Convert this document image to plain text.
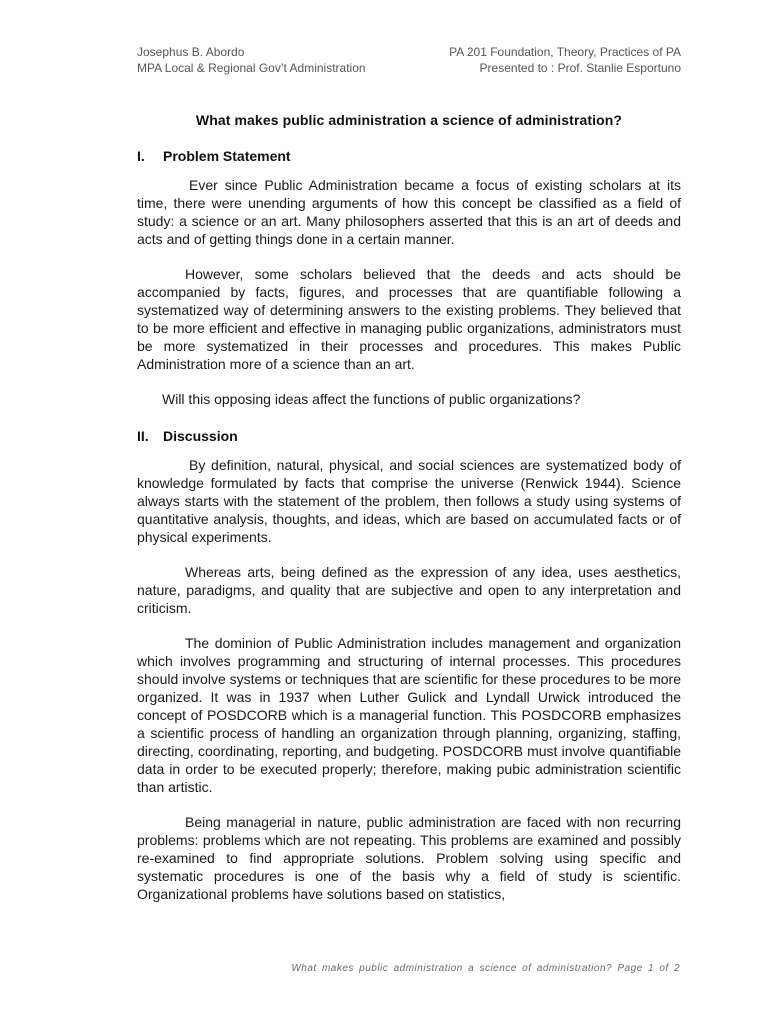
Josephus B. Abordo
MPA Local & Regional Gov’t Administration
PA 201 Foundation, Theory, Practices of PA
Presented to : Prof. Stanlie Esportuno
What makes public administration a science of administration?
I.	Problem Statement

Ever since Public Administration became a focus of existing scholars at its time, there were unending arguments of how this concept be classified as a field of study: a science or an art. Many philosophers asserted that this is an art of deeds and acts and of getting things done in a certain manner.

However, some scholars believed that the deeds and acts should be accompanied by facts, figures, and processes that are quantifiable following a systematized way of determining answers to the existing problems. They believed that to be more efficient and effective in managing public organizations, administrators must be more systematized in their processes and procedures. This makes Public Administration more of a science than an art.

Will this opposing ideas affect the functions of public organizations?

II.	Discussion

By definition, natural, physical, and social sciences are systematized body of knowledge formulated by facts that comprise the universe (Renwick 1944). Science always starts with the statement of the problem, then follows a study using systems of quantitative analysis, thoughts, and ideas, which are based on accumulated facts or of physical experiments.

Whereas arts, being defined as the expression of any idea, uses aesthetics, nature, paradigms, and quality that are subjective and open to any interpretation and criticism.

The dominion of Public Administration includes management and organization which involves programming and structuring of internal processes. This procedures should involve systems or techniques that are scientific for these procedures to be more organized. It was in 1937 when Luther Gulick and Lyndall Urwick introduced the concept of POSDCORB which is a managerial function. This POSDCORB emphasizes a scientific process of handling an organization through planning, organizing, staffing, directing, coordinating, reporting, and budgeting. POSDCORB must involve quantifiable data in order to be executed properly; therefore, making pubic administration scientific than artistic.

Being managerial in nature, public administration are faced with non recurring problems: problems which are not repeating. This problems are examined and possibly re-examined to find appropriate solutions. Problem solving using specific and systematic procedures is one of the basis why a field of study is scientific. Organizational problems have solutions based on statistics,

What makes public administration a science of administration? Page 1 of 2
